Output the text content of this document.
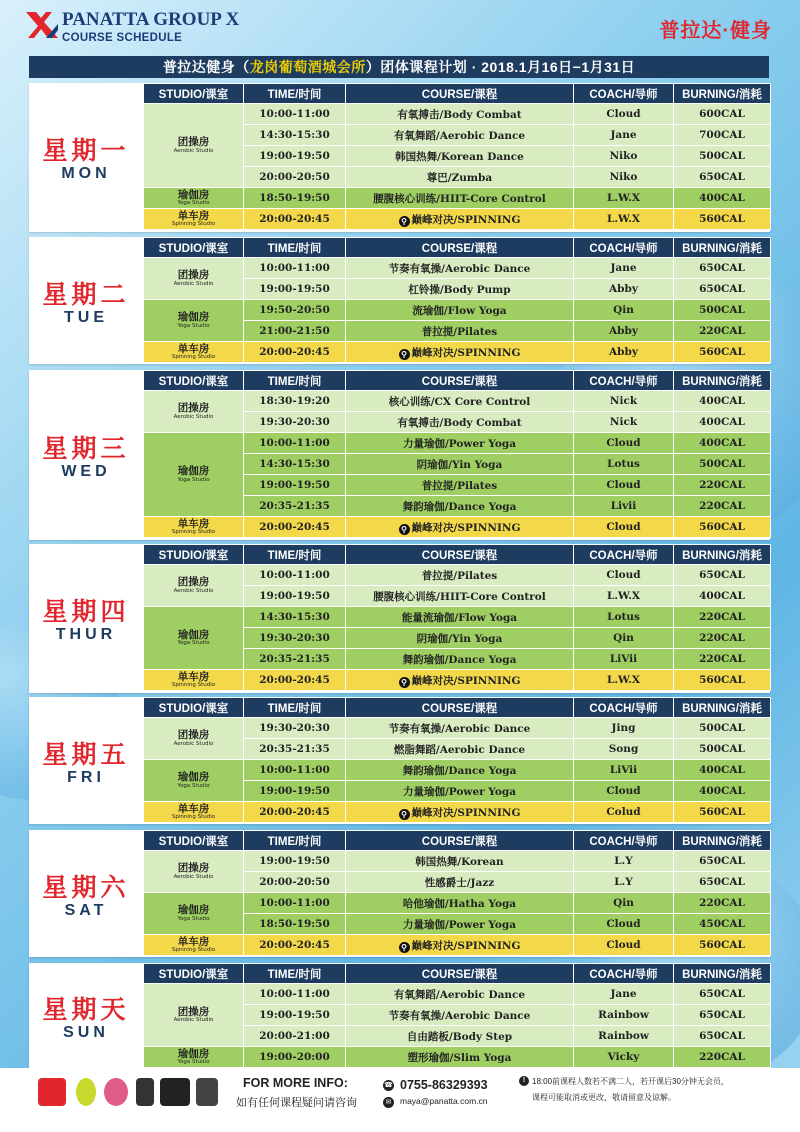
PANATTA GROUP X
COURSE SCHEDULE	普拉达·健身
普拉达健身（龙岗葡萄酒城会所）团体课程计划 · 2018.1月16日−1月31日
星期一
MON
STUDIO/课室	TIME/时间	COURSE/课程	COACH/导师	BURNING/消耗

团操房
Aerobic Studio	10:00-11:00	有氧搏击/Body Combat	Cloud	600CAL
	14:30-15:30	有氧舞蹈/Aerobic Dance	Jane	700CAL
	19:00-19:50	韩国热舞/Korean Dance	Niko	500CAL
	20:00-20:50	尊巴/Zumba	Niko	650CAL

瑜伽房
Yoga Studio	18:50-19:50	腰腹核心训练/HIIT-Core Control	L.W.X	400CAL

单车房
Spinning Studio	20:00-20:45	⚲ 巅峰对决/SPINNING	L.W.X	560CAL
星期二
TUE
STUDIO/课室	TIME/时间	COURSE/课程	COACH/导师	BURNING/消耗

团操房
Aerobic Studio	10:00-11:00	节奏有氧操/Aerobic Dance	Jane	650CAL
	19:00-19:50	杠铃操/Body Pump	Abby	650CAL

瑜伽房
Yoga Studio	19:50-20:50	流瑜伽/Flow Yoga	Qin	500CAL
	21:00-21:50	普拉提/Pilates	Abby	220CAL

单车房
Spinning Studio	20:00-20:45	⚲ 巅峰对决/SPINNING	Abby	560CAL
星期三
WED
STUDIO/课室	TIME/时间	COURSE/课程	COACH/导师	BURNING/消耗

团操房
Aerobic Studio	18:30-19:20	核心训练/CX Core Control	Nick	400CAL
	19:30-20:30	有氧搏击/Body Combat	Nick	400CAL

瑜伽房
Yoga Studio	10:00-11:00	力量瑜伽/Power Yoga	Cloud	400CAL
	14:30-15:30	阴瑜伽/Yin Yoga	Lotus	500CAL
	19:00-19:50	普拉提/Pilates	Cloud	220CAL
	20:35-21:35	舞韵瑜伽/Dance Yoga	Livii	220CAL

单车房
Spinning Studio	20:00-20:45	⚲ 巅峰对决/SPINNING	Cloud	560CAL
星期四
THUR
STUDIO/课室	TIME/时间	COURSE/课程	COACH/导师	BURNING/消耗

团操房
Aerobic Studio	10:00-11:00	普拉提/Pilates	Cloud	650CAL
	19:00-19:50	腰腹核心训练/HIIT-Core Control	L.W.X	400CAL

瑜伽房
Yoga Studio	14:30-15:30	能量流瑜伽/Flow Yoga	Lotus	220CAL
	19:30-20:30	阴瑜伽/Yin Yoga	Qin	220CAL
	20:35-21:35	舞韵瑜伽/Dance Yoga	LiVii	220CAL

单车房
Spinning Studio	20:00-20:45	⚲ 巅峰对决/SPINNING	L.W.X	560CAL
星期五
FRI
STUDIO/课室	TIME/时间	COURSE/课程	COACH/导师	BURNING/消耗

团操房
Aerobic Studio	19:30-20:30	节奏有氧操/Aerobic Dance	Jing	500CAL
	20:35-21:35	燃脂舞蹈/Aerobic Dance	Song	500CAL

瑜伽房
Yoga Studio	10:00-11:00	舞韵瑜伽/Dance Yoga	LiVii	400CAL
	19:00-19:50	力量瑜伽/Power Yoga	Cloud	400CAL

单车房
Spinning Studio	20:00-20:45	⚲ 巅峰对决/SPINNING	Colud	560CAL
星期六
SAT
STUDIO/课室	TIME/时间	COURSE/课程	COACH/导师	BURNING/消耗

团操房
Aerobic Studio	19:00-19:50	韩国热舞/Korean	L.Y	650CAL
	20:00-20:50	性感爵士/Jazz	L.Y	650CAL

瑜伽房
Yoga Studio	10:00-11:00	哈他瑜伽/Hatha Yoga	Qin	220CAL
	18:50-19:50	力量瑜伽/Power Yoga	Cloud	450CAL

单车房
Spinning Studio	20:00-20:45	⚲ 巅峰对决/SPINNING	Cloud	560CAL
星期天
SUN
STUDIO/课室	TIME/时间	COURSE/课程	COACH/导师	BURNING/消耗

团操房
Aerobic Studio	10:00-11:00	有氧舞蹈/Aerobic Dance	Jane	650CAL
	19:00-19:50	节奏有氧操/Aerobic Dance	Rainbow	650CAL
	20:00-21:00	自由踏板/Body Step	Rainbow	650CAL

瑜伽房
Yoga Studio	19:00-20:00	塑形瑜伽/Slim Yoga	Vicky	220CAL
FOR MORE INFO:
如有任何课程疑问请咨询
☎ 0755-86329393
✉	maya@panatta.com.cn
! 18:00前课程人数若不满二人，若开课后30分钟无会员，
课程可能取消或更改，敬请留意及谅解。
